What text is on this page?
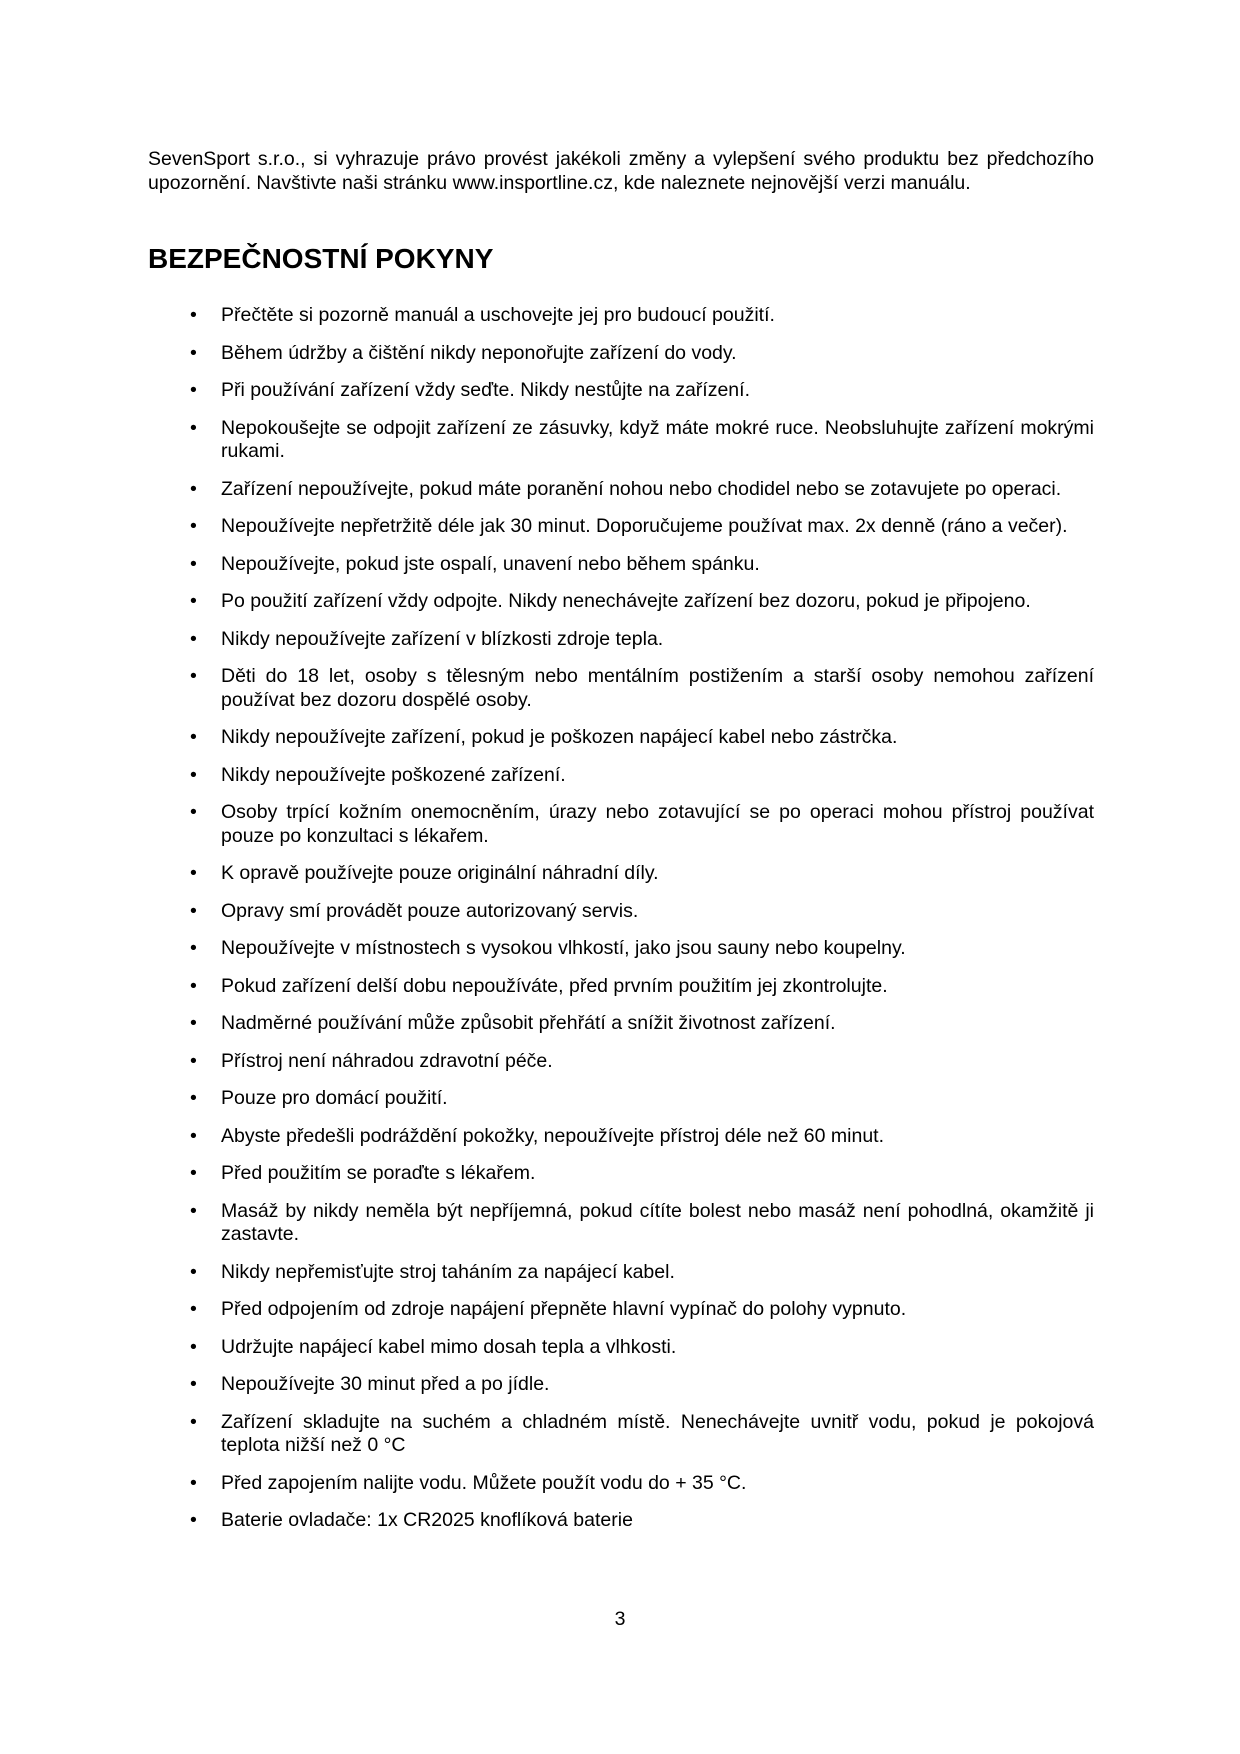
SevenSport s.r.o., si vyhrazuje právo provést jakékoli změny a vylepšení svého produktu bez předchozího upozornění. Navštivte naši stránku www.insportline.cz, kde naleznete nejnovější verzi manuálu.

BEZPEČNOSTNÍ POKYNY
• Přečtěte si pozorně manuál a uschovejte jej pro budoucí použití.
• Během údržby a čištění nikdy neponořujte zařízení do vody.
• Při používání zařízení vždy seďte. Nikdy nestůjte na zařízení.
• Nepokoušejte se odpojit zařízení ze zásuvky, když máte mokré ruce. Neobsluhujte zařízení mokrými rukami.
• Zařízení nepoužívejte, pokud máte poranění nohou nebo chodidel nebo se zotavujete po operaci.
• Nepoužívejte nepřetržitě déle jak 30 minut. Doporučujeme používat max. 2x denně (ráno a večer).
• Nepoužívejte, pokud jste ospalí, unavení nebo během spánku.
• Po použití zařízení vždy odpojte. Nikdy nenechávejte zařízení bez dozoru, pokud je připojeno.
• Nikdy nepoužívejte zařízení v blízkosti zdroje tepla.
• Děti do 18 let, osoby s tělesným nebo mentálním postižením a starší osoby nemohou zařízení používat bez dozoru dospělé osoby.
• Nikdy nepoužívejte zařízení, pokud je poškozen napájecí kabel nebo zástrčka.
• Nikdy nepoužívejte poškozené zařízení.
• Osoby trpící kožním onemocněním, úrazy nebo zotavující se po operaci mohou přístroj používat pouze po konzultaci s lékařem.
• K opravě používejte pouze originální náhradní díly.
• Opravy smí provádět pouze autorizovaný servis.
• Nepoužívejte v místnostech s vysokou vlhkostí, jako jsou sauny nebo koupelny.
• Pokud zařízení delší dobu nepoužíváte, před prvním použitím jej zkontrolujte.
• Nadměrné používání může způsobit přehřátí a snížit životnost zařízení.
• Přístroj není náhradou zdravotní péče.
• Pouze pro domácí použití.
• Abyste předešli podráždění pokožky, nepoužívejte přístroj déle než 60 minut.
• Před použitím se poraďte s lékařem.
• Masáž by nikdy neměla být nepříjemná, pokud cítíte bolest nebo masáž není pohodlná, okamžitě ji zastavte.
• Nikdy nepřemisťujte stroj taháním za napájecí kabel.
• Před odpojením od zdroje napájení přepněte hlavní vypínač do polohy vypnuto.
• Udržujte napájecí kabel mimo dosah tepla a vlhkosti.
• Nepoužívejte 30 minut před a po jídle.
• Zařízení skladujte na suchém a chladném místě. Nenechávejte uvnitř vodu, pokud je pokojová teplota nižší než 0 °C
• Před zapojením nalijte vodu. Můžete použít vodu do + 35 °C.
• Baterie ovladače: 1x CR2025 knoflíková baterie

3
